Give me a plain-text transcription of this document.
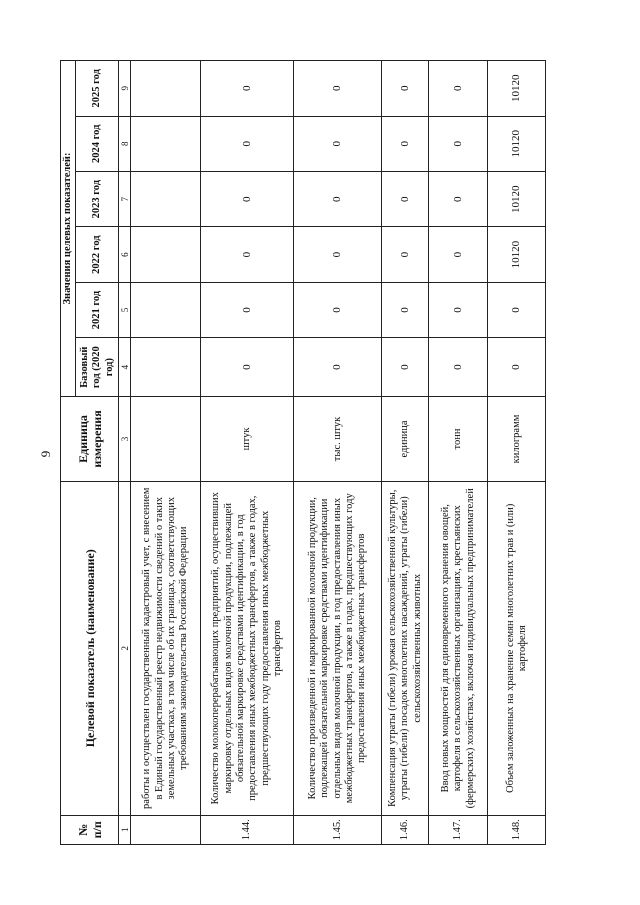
9
№ п/п	Целевой показатель (наименование)	Единица измерения	Значения целевых показателей:					
			Базовый год (2020 год)	2021 год	2022 год	2023 год	2024 год	2025 год
1	2	3	4	5	6	7	8	9
	работы и осуществлен государственный кадастровый учет, с внесением в Единый государственный реестр недвижимости сведений о таких земельных участках, в том числе об их границах, соответствующих требованиям законодательства Российской Федерации							
1.44.	Количество молокоперерабатывающих предприятий, осуществивших маркировку отдельных видов молочной продукции, подлежащей обязательной маркировке средствами идентификации, в год предоставления иных межбюджетных трансфертов, а также в годах, предшествующих году предоставления иных межбюджетных трансфертов	штук	0	0	0	0	0	0
1.45.	Количество произведенной и маркированной молочной продукции, подлежащей обязательной маркировке средствами идентификации отдельных видов молочной продукции, в год предоставления иных межбюджетных трансфертов, а также в годах, предшествующих году предоставления иных межбюджетных трансфертов	тыс. штук	0	0	0	0	0	0
1.46.	Компенсация утраты (гибели) урожая сельскохозяйственной культуры, утраты (гибели) посадок многолетних насаждений, утраты (гибели) сельскохозяйственных животных	единица	0	0	0	0	0	0
1.47.	Ввод новых мощностей для единовременного хранения овощей, картофеля в сельскохозяйственных организациях, крестьянских (фермерских) хозяйствах, включая индивидуальных предпринимателей	тонн	0	0	0	0	0	0
1.48.	Объем заложенных на хранение семян многолетних трав и (или) картофеля	килограмм	0	0	10120	10120	10120	10120
